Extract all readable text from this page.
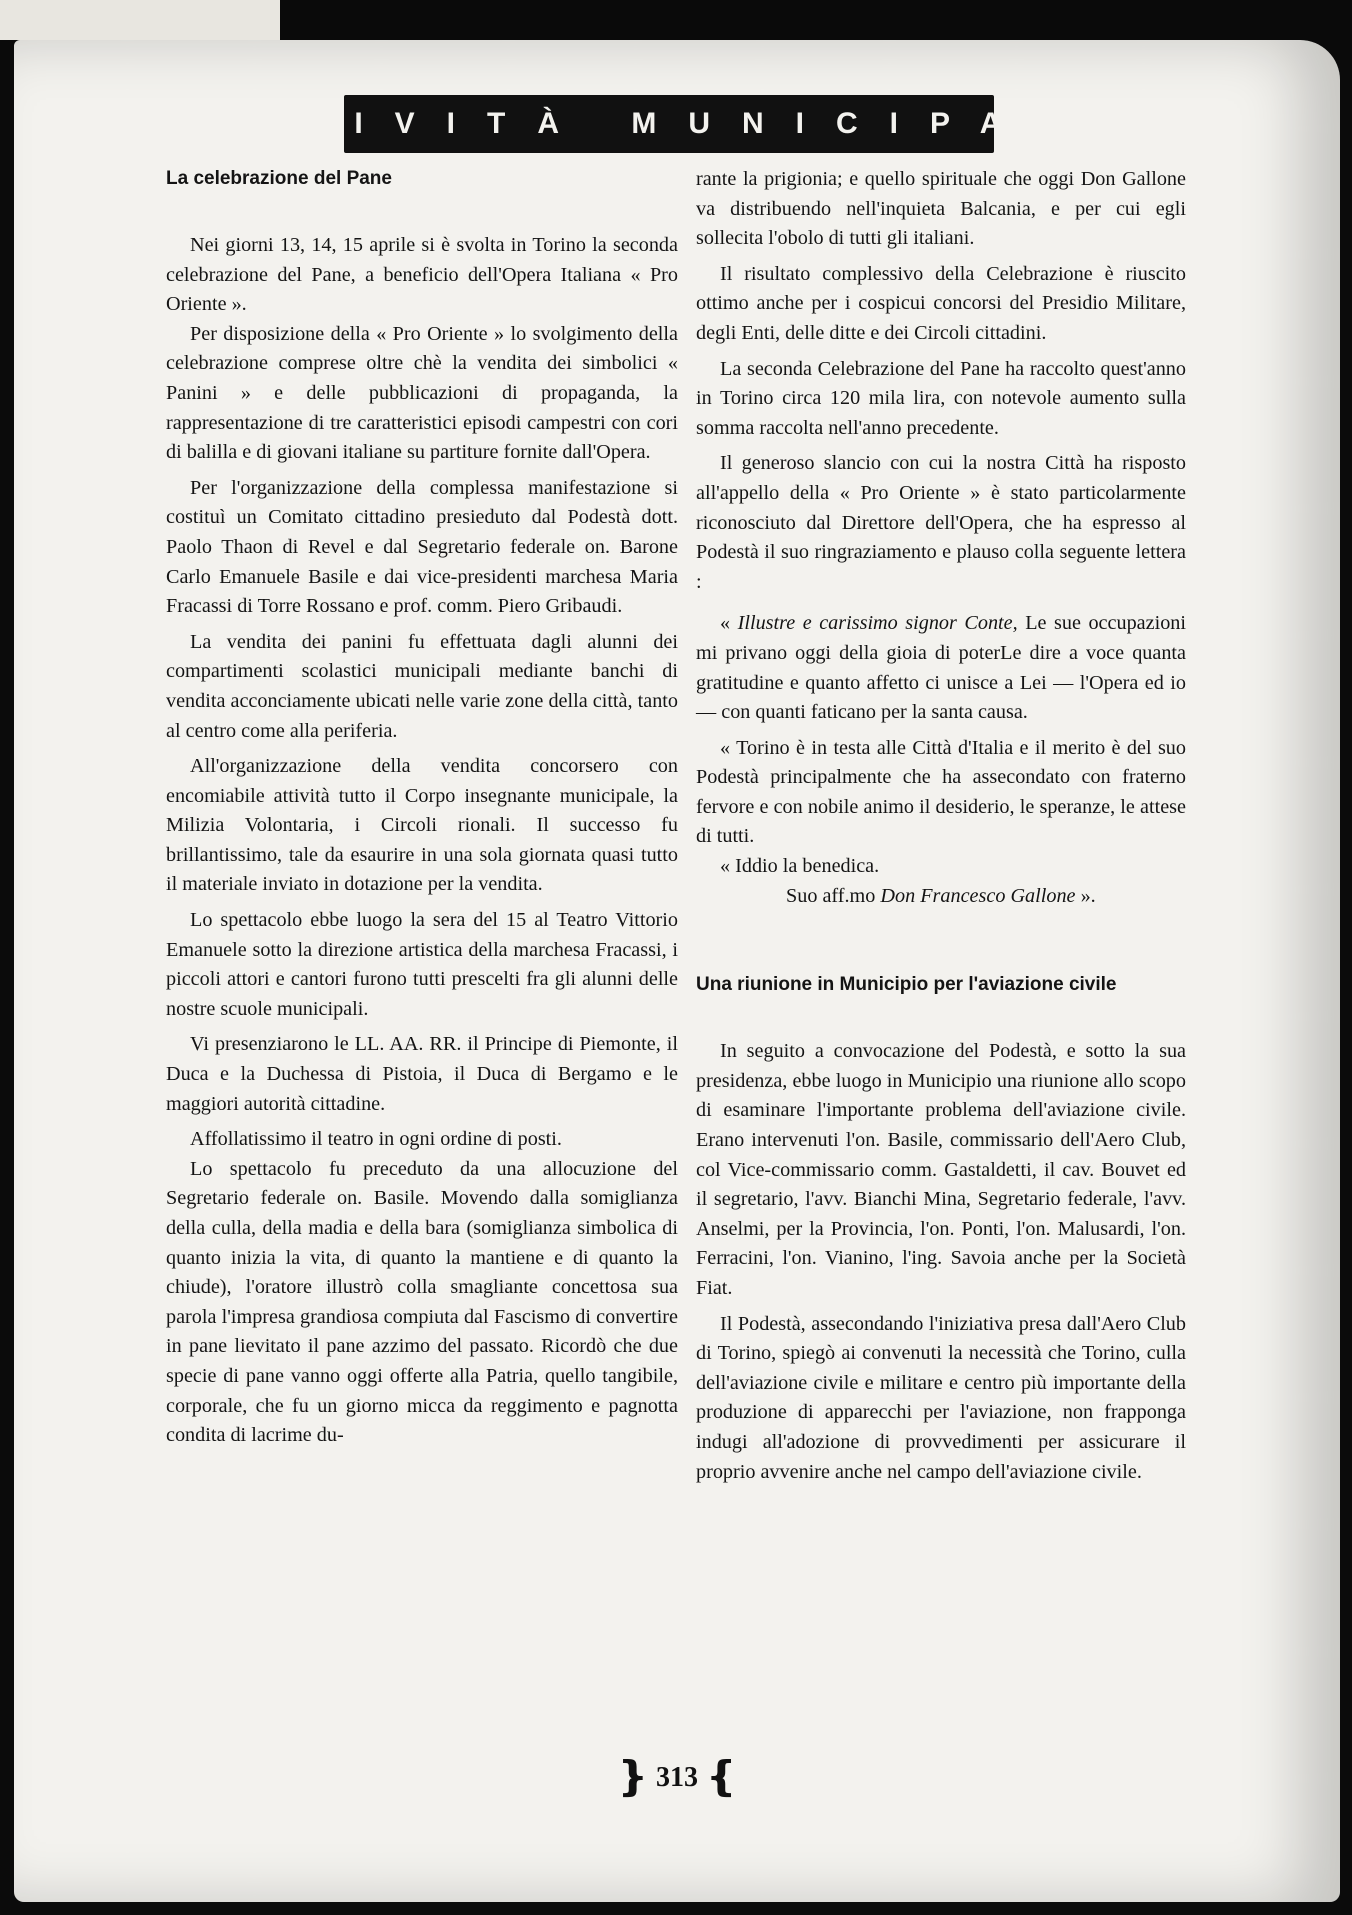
ATTIVITÀ MUNICIPALE
La celebrazione del Pane

Nei giorni 13, 14, 15 aprile si è svolta in Torino la seconda celebrazione del Pane, a beneficio dell'Opera Italiana « Pro Oriente ».

Per disposizione della « Pro Oriente » lo svolgimento della celebrazione comprese oltre chè la vendita dei simbolici « Panini » e delle pubblicazioni di propaganda, la rappresentazione di tre caratteristici episodi campestri con cori di balilla e di giovani italiane su partiture fornite dall'Opera.

Per l'organizzazione della complessa manifestazione si costituì un Comitato cittadino presieduto dal Podestà dott. Paolo Thaon di Revel e dal Segretario federale on. Barone Carlo Emanuele Basile e dai vice-presidenti marchesa Maria Fracassi di Torre Rossano e prof. comm. Piero Gribaudi.

La vendita dei panini fu effettuata dagli alunni dei compartimenti scolastici municipali mediante banchi di vendita acconciamente ubicati nelle varie zone della città, tanto al centro come alla periferia.

All'organizzazione della vendita concorsero con encomiabile attività tutto il Corpo insegnante municipale, la Milizia Volontaria, i Circoli rionali. Il successo fu brillantissimo, tale da esaurire in una sola giornata quasi tutto il materiale inviato in dotazione per la vendita.

Lo spettacolo ebbe luogo la sera del 15 al Teatro Vittorio Emanuele sotto la direzione artistica della marchesa Fracassi, i piccoli attori e cantori furono tutti prescelti fra gli alunni delle nostre scuole municipali.

Vi presenziarono le LL. AA. RR. il Principe di Piemonte, il Duca e la Duchessa di Pistoia, il Duca di Bergamo e le maggiori autorità cittadine.

Affollatissimo il teatro in ogni ordine di posti.

Lo spettacolo fu preceduto da una allocuzione del Segretario federale on. Basile. Movendo dalla somiglianza della culla, della madia e della bara (somiglianza simbolica di quanto inizia la vita, di quanto la mantiene e di quanto la chiude), l'oratore illustrò colla smagliante concettosa sua parola l'impresa grandiosa compiuta dal Fascismo di convertire in pane lievitato il pane azzimo del passato. Ricordò che due specie di pane vanno oggi offerte alla Patria, quello tangibile, corporale, che fu un giorno micca da reggimento e pagnotta condita di lacrime du-

rante la prigionia; e quello spirituale che oggi Don Gallone va distribuendo nell'inquieta Balcania, e per cui egli sollecita l'obolo di tutti gli italiani.

Il risultato complessivo della Celebrazione è riuscito ottimo anche per i cospicui concorsi del Presidio Militare, degli Enti, delle ditte e dei Circoli cittadini.

La seconda Celebrazione del Pane ha raccolto quest'anno in Torino circa 120 mila lira, con notevole aumento sulla somma raccolta nell'anno precedente.

Il generoso slancio con cui la nostra Città ha risposto all'appello della « Pro Oriente » è stato particolarmente riconosciuto dal Direttore dell'Opera, che ha espresso al Podestà il suo ringraziamento e plauso colla seguente lettera :

« Illustre e carissimo signor Conte, Le sue occupazioni mi privano oggi della gioia di poterLe dire a voce quanta gratitudine e quanto affetto ci unisce a Lei — l'Opera ed io — con quanti faticano per la santa causa.

« Torino è in testa alle Città d'Italia e il merito è del suo Podestà principalmente che ha assecondato con fraterno fervore e con nobile animo il desiderio, le speranze, le attese di tutti.

« Iddio la benedica.

Suo aff.mo Don Francesco Gallone ».

Una riunione in Municipio per l'aviazione civile

In seguito a convocazione del Podestà, e sotto la sua presidenza, ebbe luogo in Municipio una riunione allo scopo di esaminare l'importante problema dell'aviazione civile. Erano intervenuti l'on. Basile, commissario dell'Aero Club, col Vice-commissario comm. Gastaldetti, il cav. Bouvet ed il segretario, l'avv. Bianchi Mina, Segretario federale, l'avv. Anselmi, per la Provincia, l'on. Ponti, l'on. Malusardi, l'on. Ferracini, l'on. Vianino, l'ing. Savoia anche per la Società Fiat.

Il Podestà, assecondando l'iniziativa presa dall'Aero Club di Torino, spiegò ai convenuti la necessità che Torino, culla dell'aviazione civile e militare e centro più importante della produzione di apparecchi per l'aviazione, non frapponga indugi all'adozione di provvedimenti per assicurare il proprio avvenire anche nel campo dell'aviazione civile.

❵ 313 ❴
